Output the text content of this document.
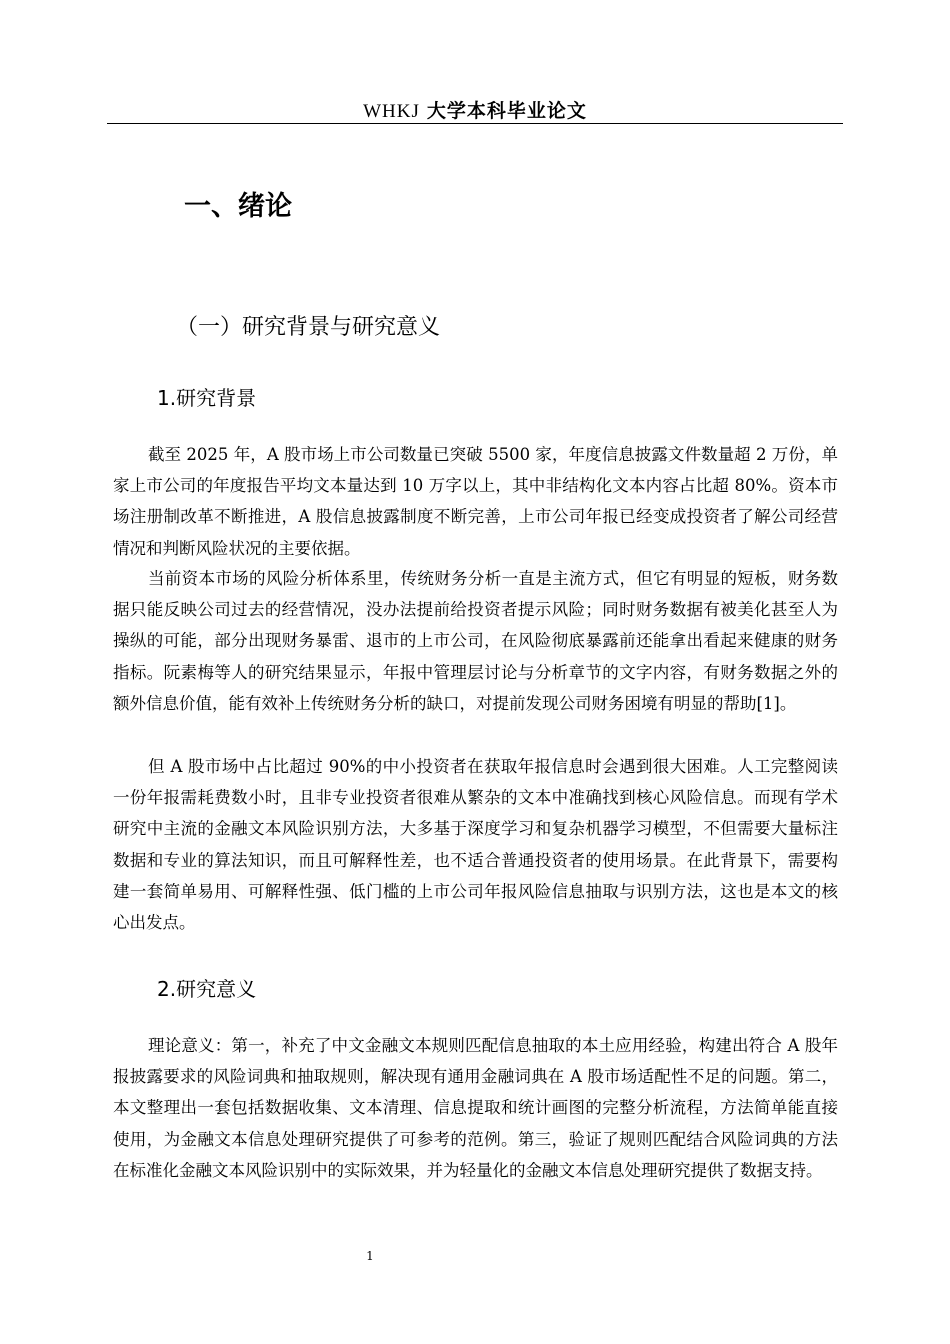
WHKJ 大学本科毕业论文
一、绪论
（一）研究背景与研究意义
1.研究背景

截至 2025 年，A 股市场上市公司数量已突破 5500 家，年度信息披露文件数量超 2 万份，单家上市公司的年度报告平均文本量达到 10 万字以上，其中非结构化文本内容占比超 80%。资本市场注册制改革不断推进，A 股信息披露制度不断完善，上市公司年报已经变成投资者了解公司经营情况和判断风险状况的主要依据。

当前资本市场的风险分析体系里，传统财务分析一直是主流方式，但它有明显的短板，财务数据只能反映公司过去的经营情况，没办法提前给投资者提示风险；同时财务数据有被美化甚至人为操纵的可能，部分出现财务暴雷、退市的上市公司，在风险彻底暴露前还能拿出看起来健康的财务指标。阮素梅等人的研究结果显示，年报中管理层讨论与分析章节的文字内容，有财务数据之外的额外信息价值，能有效补上传统财务分析的缺口，对提前发现公司财务困境有明显的帮助[1]。

但 A 股市场中占比超过 90%的中小投资者在获取年报信息时会遇到很大困难。人工完整阅读一份年报需耗费数小时，且非专业投资者很难从繁杂的文本中准确找到核心风险信息。而现有学术研究中主流的金融文本风险识别方法，大多基于深度学习和复杂机器学习模型，不但需要大量标注数据和专业的算法知识，而且可解释性差，也不适合普通投资者的使用场景。在此背景下，需要构建一套简单易用、可解释性强、低门槛的上市公司年报风险信息抽取与识别方法，这也是本文的核心出发点。

2.研究意义

理论意义：第一，补充了中文金融文本规则匹配信息抽取的本土应用经验，构建出符合 A 股年报披露要求的风险词典和抽取规则，解决现有通用金融词典在 A 股市场适配性不足的问题。第二，本文整理出一套包括数据收集、文本清理、信息提取和统计画图的完整分析流程，方法简单能直接使用，为金融文本信息处理研究提供了可参考的范例。第三，验证了规则匹配结合风险词典的方法在标准化金融文本风险识别中的实际效果，并为轻量化的金融文本信息处理研究提供了数据支持。

1
